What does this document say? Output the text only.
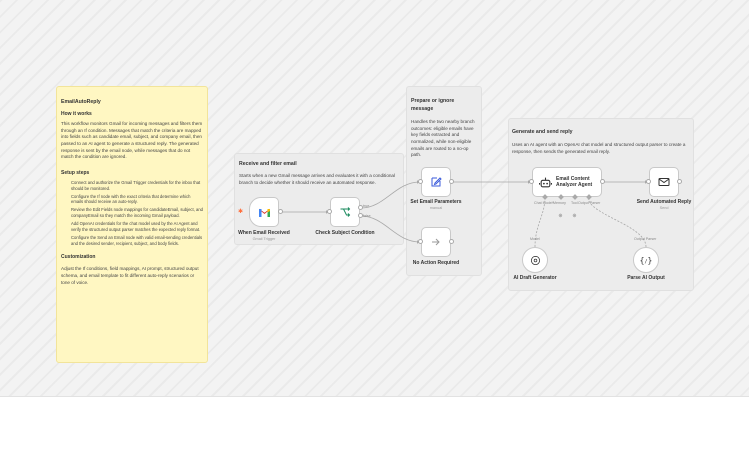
EmailAutoReply
How it works

This workflow monitors Gmail for incoming messages and filters them through an If condition. Messages that match the criteria are mapped into fields such as candidate email, subject, and company email, then passed to an AI agent to generate a structured reply. The generated response is sent by the email node, while messages that do not match the condition are ignored.

Setup steps
Connect and authorize the Gmail Trigger credentials for the inbox that should be monitored.
Configure the If node with the exact criteria that determine which emails should receive an auto-reply.
Review the Edit Fields node mappings for candidateEmail, subject, and companyEmail so they match the incoming Gmail payload.
Add OpenAI credentials for the chat model used by the AI Agent and verify the structured output parser matches the expected reply format.
Configure the Send an Email node with valid email-sending credentials and the desired sender, recipient, subject, and body fields.
Customization

Adjust the If conditions, field mappings, AI prompt, structured output schema, and email template to fit different auto-reply scenarios or tone of voice.

Receive and filter email

Starts when a new Gmail message arrives and evaluates it with a conditional branch to decide whether it should receive an automated response.

Prepare or ignore message

Handles the two nearby branch outcomes: eligible emails have key fields extracted and normalized, while non-eligible emails are routed to a no-op path.

Generate and send reply

Uses an AI agent with an OpenAI chat model and structured output parser to create a response, then sends the generated email reply.

✱
When Email Received
Gmail Trigger
true
false
Check Subject Condition
Set Email Parameters
manual
No Action Required
Email Content Analyzer Agent
Chat Model* Memory Tool Output Parser
⊕ ⊕
Send Automated Reply
Send
Model
AI Draft Generator
Output Parser
{/}
Parse AI Output
